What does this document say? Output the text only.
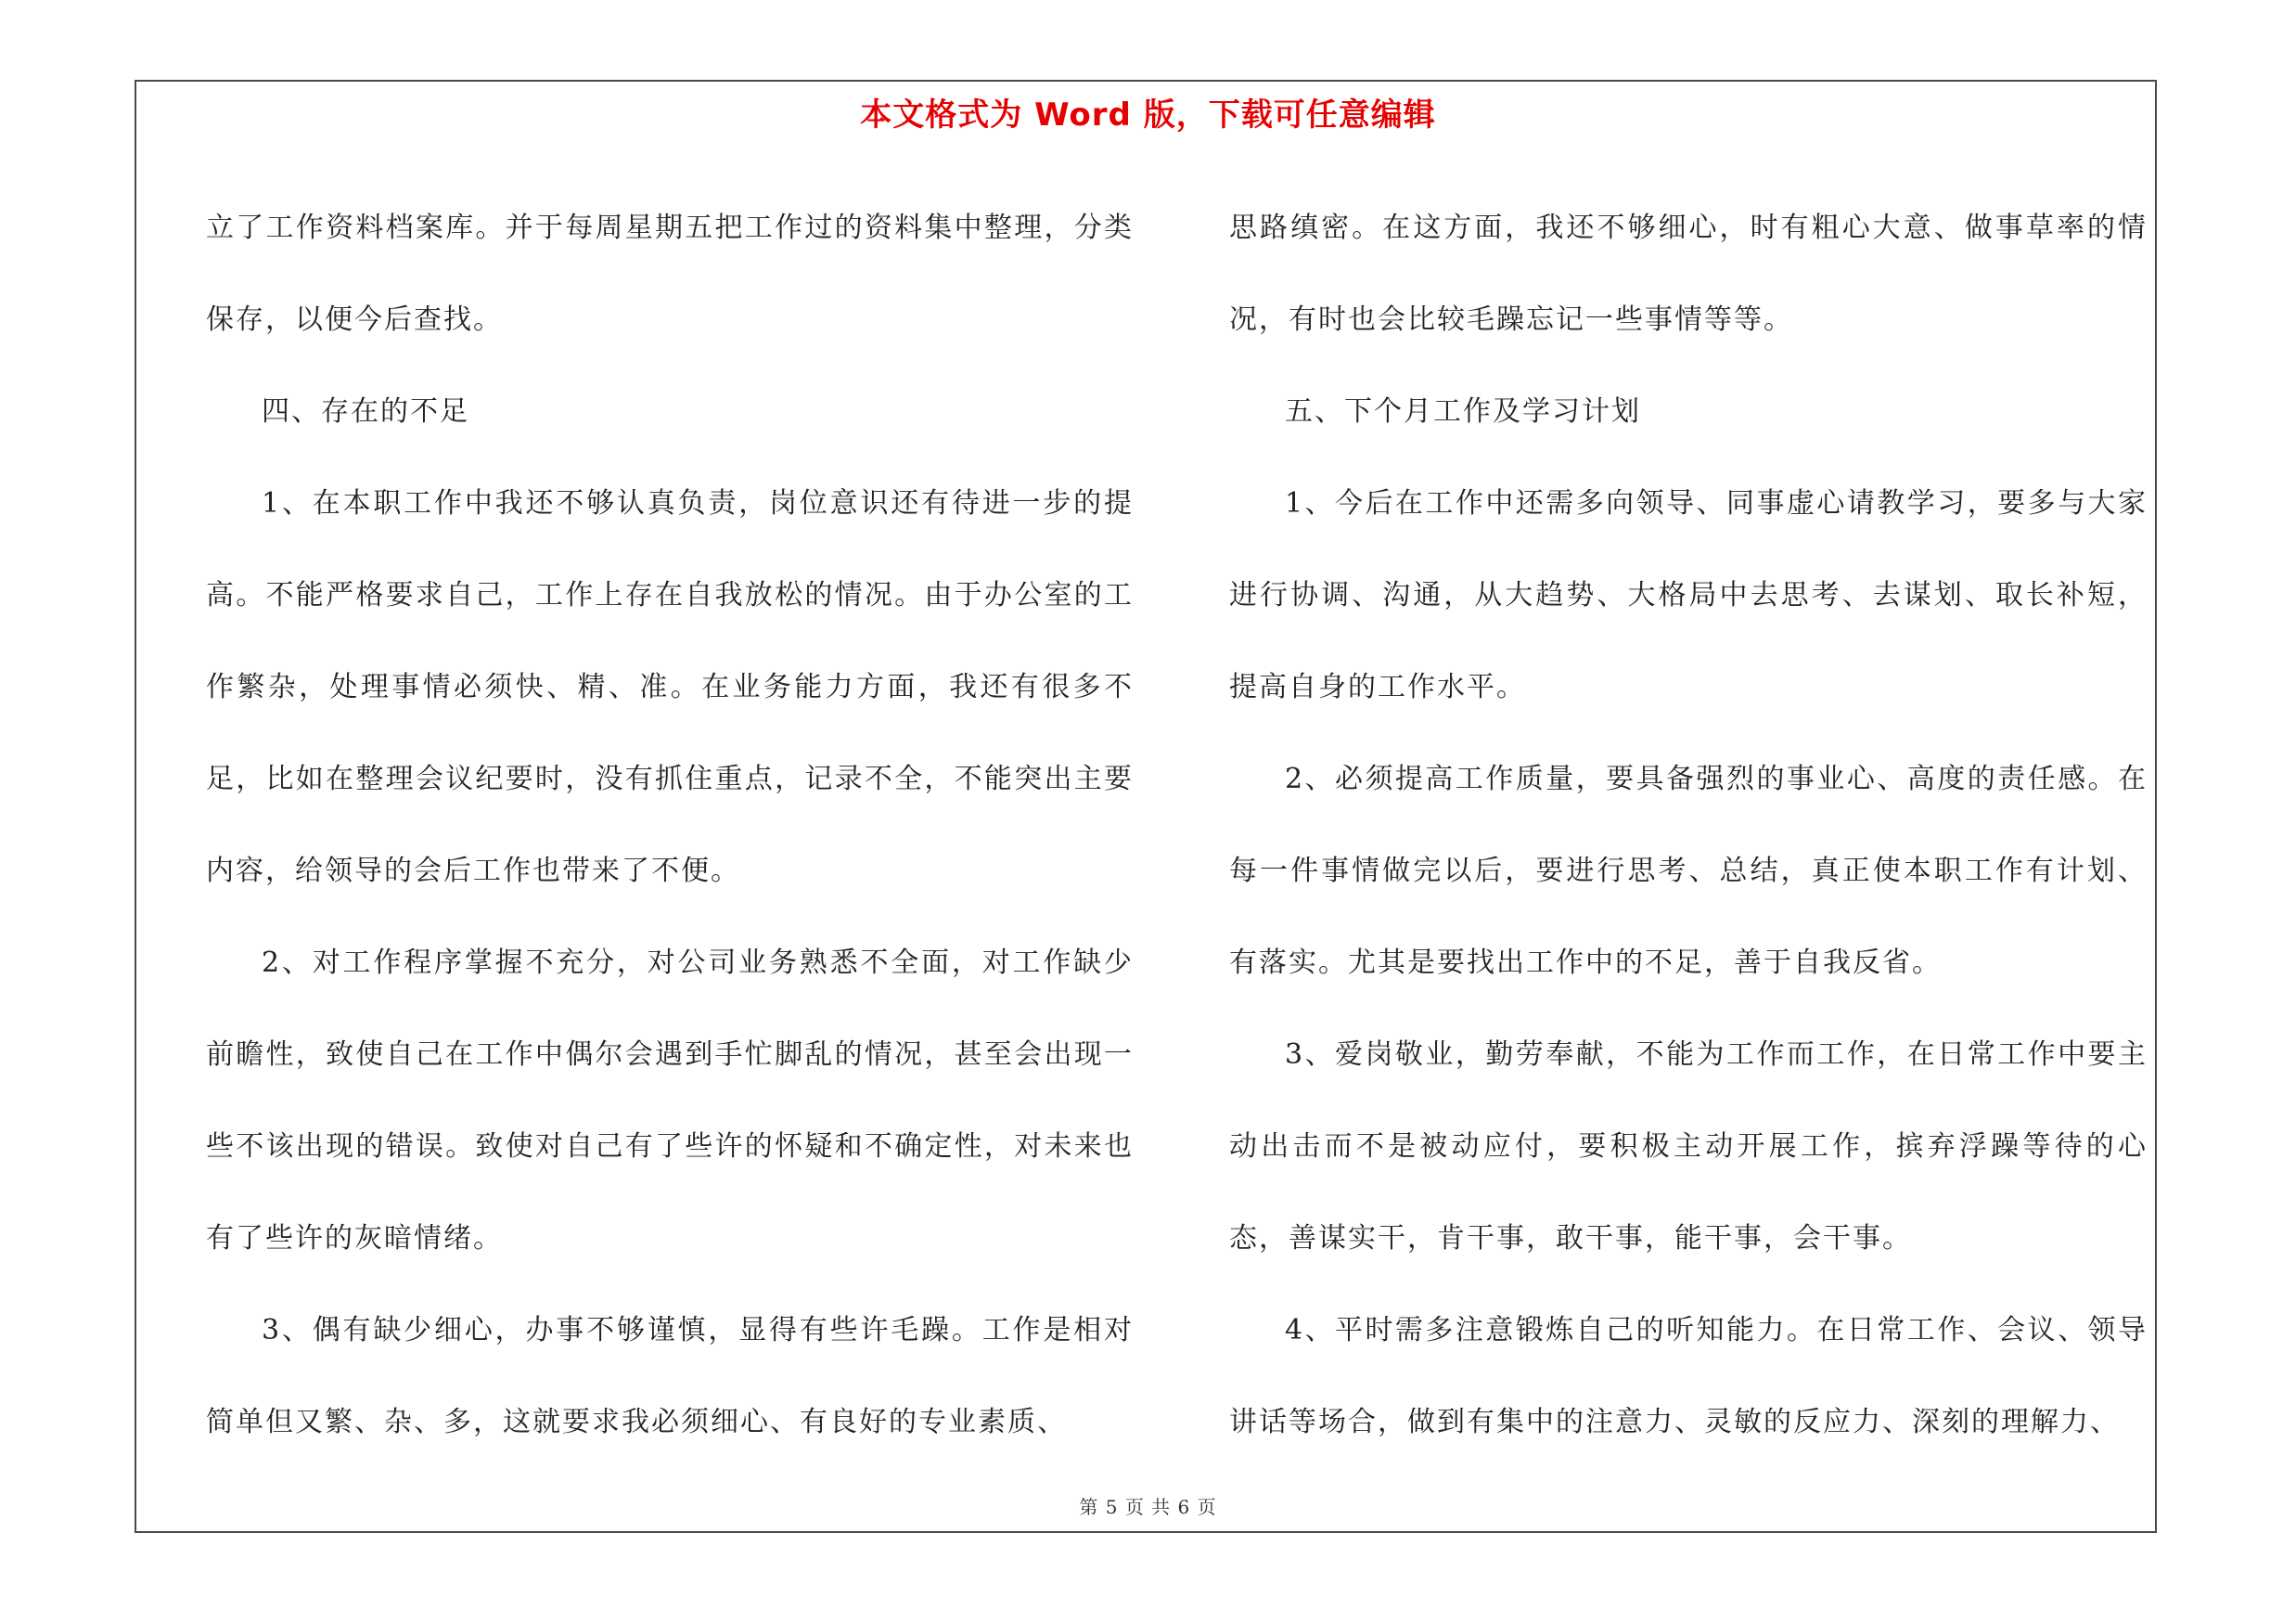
本文格式为 Word 版，下载可任意编辑

立了工作资料档案库。并于每周星期五把工作过的资料集中整理，分类保存，以便今后查找。

四、存在的不足

1、在本职工作中我还不够认真负责，岗位意识还有待进一步的提高。不能严格要求自己，工作上存在自我放松的情况。由于办公室的工作繁杂，处理事情必须快、精、准。在业务能力方面，我还有很多不足，比如在整理会议纪要时，没有抓住重点，记录不全，不能突出主要内容，给领导的会后工作也带来了不便。

2、对工作程序掌握不充分，对公司业务熟悉不全面，对工作缺少前瞻性，致使自己在工作中偶尔会遇到手忙脚乱的情况，甚至会出现一些不该出现的错误。致使对自己有了些许的怀疑和不确定性，对未来也有了些许的灰暗情绪。

3、偶有缺少细心，办事不够谨慎，显得有些许毛躁。工作是相对简单但又繁、杂、多，这就要求我必须细心、有良好的专业素质、

思路缜密。在这方面，我还不够细心，时有粗心大意、做事草率的情况，有时也会比较毛躁忘记一些事情等等。

五、下个月工作及学习计划

1、今后在工作中还需多向领导、同事虚心请教学习，要多与大家进行协调、沟通，从大趋势、大格局中去思考、去谋划、取长补短，提高自身的工作水平。

2、必须提高工作质量，要具备强烈的事业心、高度的责任感。在每一件事情做完以后，要进行思考、总结，真正使本职工作有计划、有落实。尤其是要找出工作中的不足，善于自我反省。

3、爱岗敬业，勤劳奉献，不能为工作而工作，在日常工作中要主动出击而不是被动应付，要积极主动开展工作，摈弃浮躁等待的心态，善谋实干，肯干事，敢干事，能干事，会干事。

4、平时需多注意锻炼自己的听知能力。在日常工作、会议、领导讲话等场合，做到有集中的注意力、灵敏的反应力、深刻的理解力、

第 5 页 共 6 页
